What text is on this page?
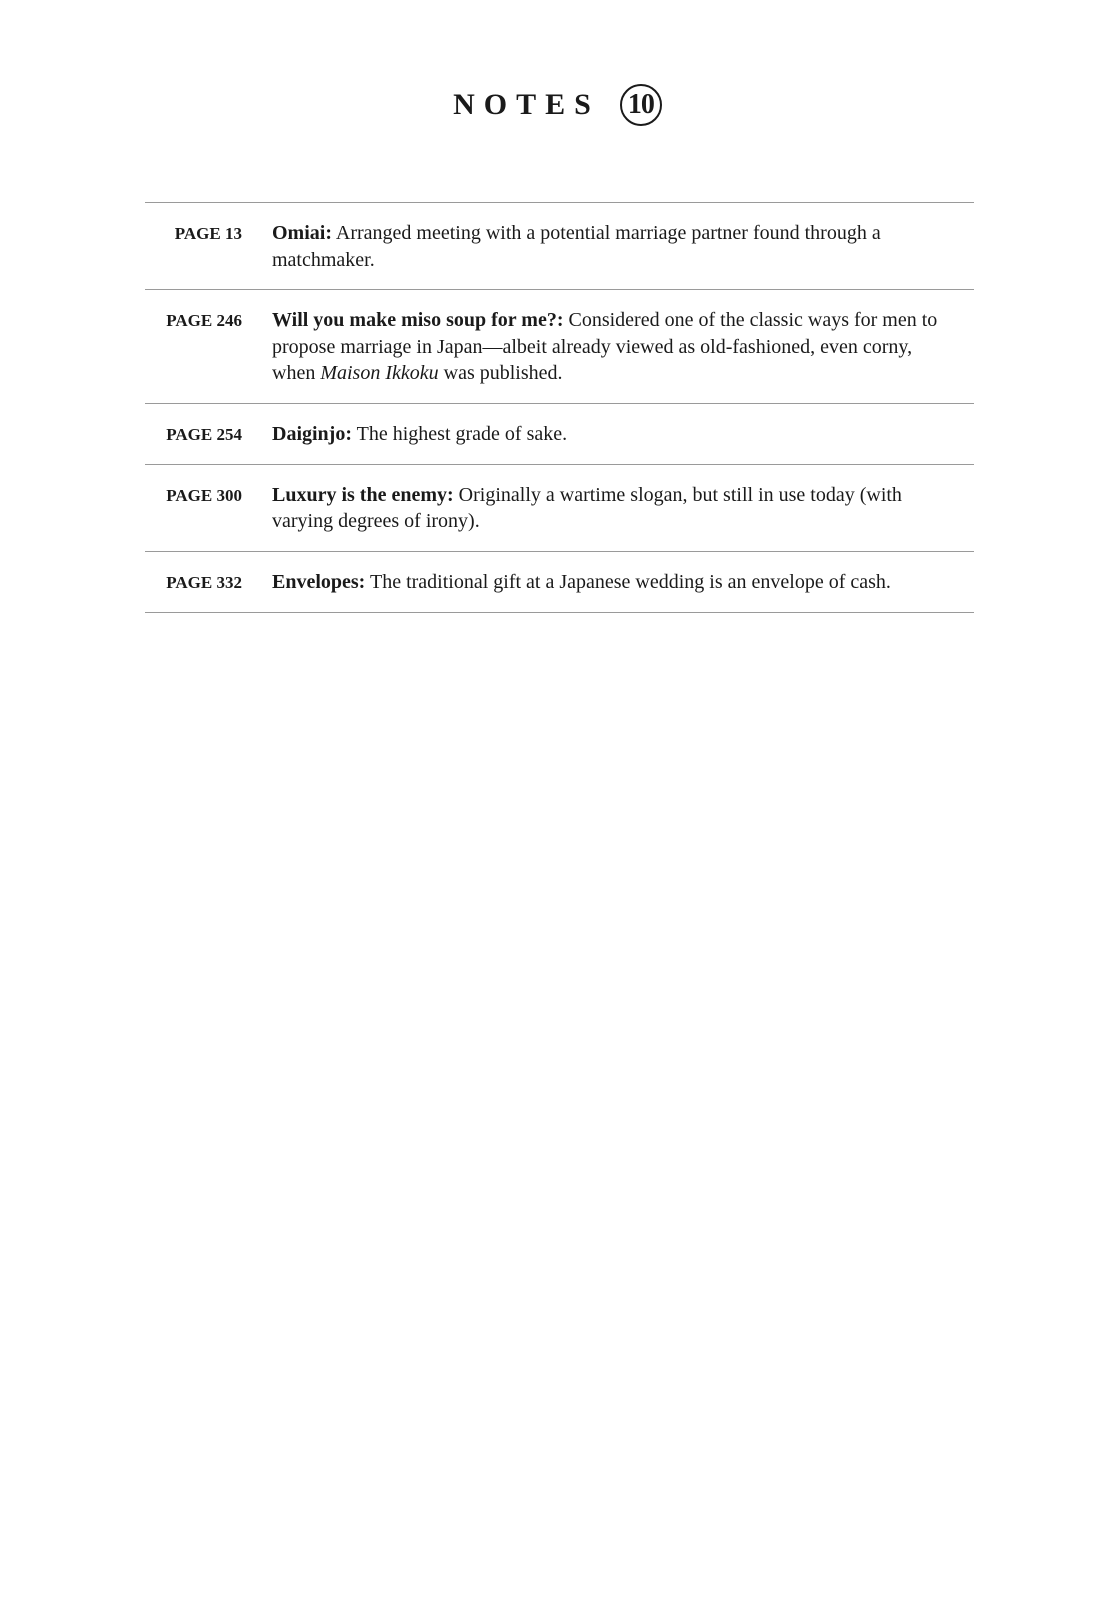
NOTES 10
PAGE 13 Omiai: Arranged meeting with a potential marriage partner found through a matchmaker.
PAGE 246 Will you make miso soup for me?: Considered one of the classic ways for men to propose marriage in Japan—albeit already viewed as old-fashioned, even corny, when Maison Ikkoku was published.
PAGE 254 Daiginjo: The highest grade of sake.
PAGE 300 Luxury is the enemy: Originally a wartime slogan, but still in use today (with varying degrees of irony).
PAGE 332 Envelopes: The traditional gift at a Japanese wedding is an envelope of cash.
